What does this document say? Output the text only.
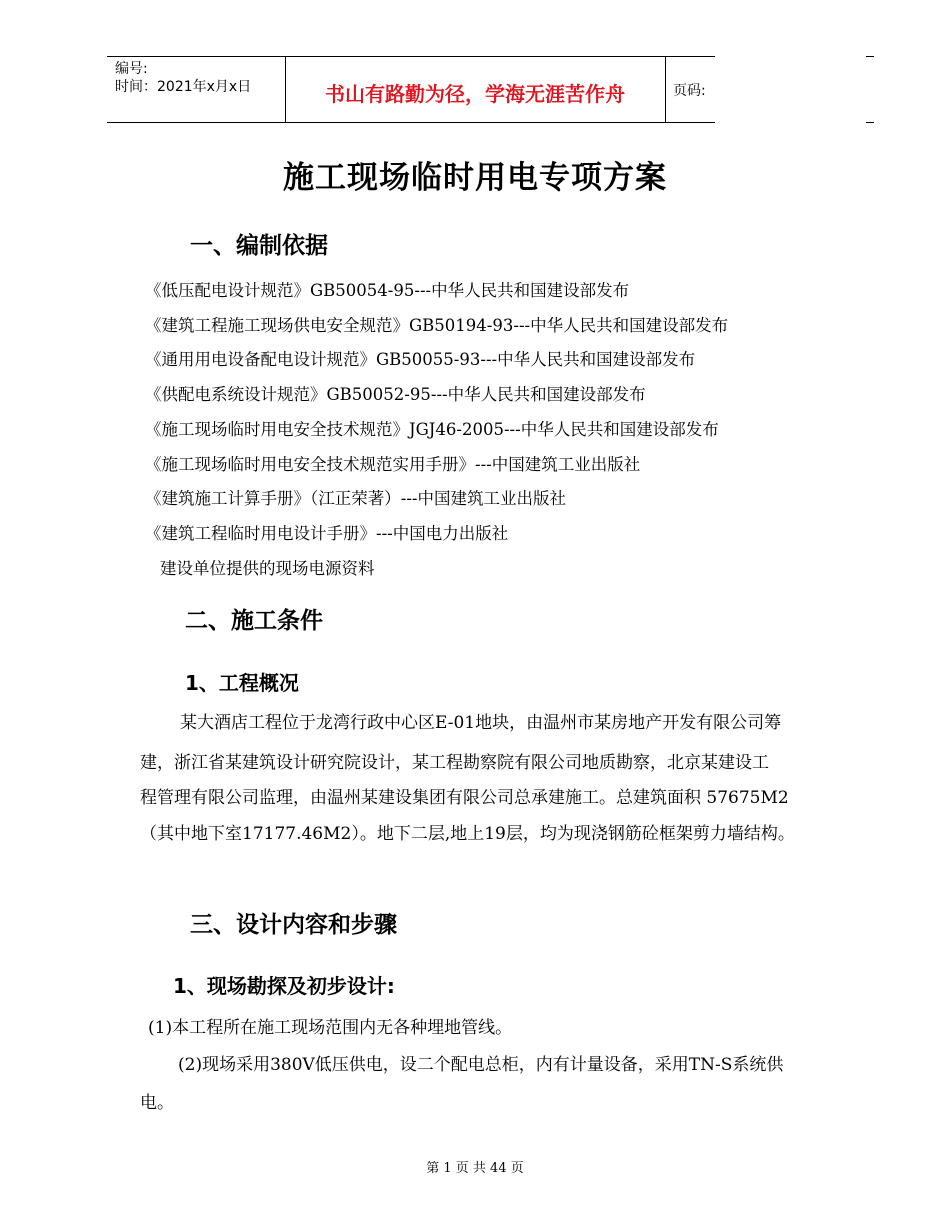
编号:
时间：2021年x月x日	书山有路勤为径，学海无涯苦作舟	页码:
施工现场临时用电专项方案
一、编制依据
《低压配电设计规范》GB50054-95---中华人民共和国建设部发布
《建筑工程施工现场供电安全规范》GB50194-93---中华人民共和国建设部发布
《通用用电设备配电设计规范》GB50055-93---中华人民共和国建设部发布
《供配电系统设计规范》GB50052-95---中华人民共和国建设部发布
《施工现场临时用电安全技术规范》JGJ46-2005---中华人民共和国建设部发布
《施工现场临时用电安全技术规范实用手册》---中国建筑工业出版社
《建筑施工计算手册》（江正荣著）---中国建筑工业出版社
《建筑工程临时用电设计手册》---中国电力出版社
建设单位提供的现场电源资料
二、施工条件
1、工程概况
某大酒店工程位于龙湾行政中心区E-01地块，由温州市某房地产开发有限公司筹
建，浙江省某建筑设计研究院设计，某工程勘察院有限公司地质勘察，北京某建设工
程管理有限公司监理，由温州某建设集团有限公司总承建施工。总建筑面积 57675M2
（其中地下室17177.46M2）。地下二层,地上19层，均为现浇钢筋砼框架剪力墙结构。
三、设计内容和步骤
1、现场勘探及初步设计:
(1)本工程所在施工现场范围内无各种埋地管线。
(2)现场采用380V低压供电，设二个配电总柜，内有计量设备，采用TN-S系统供
电。
第 1 页 共 44 页
